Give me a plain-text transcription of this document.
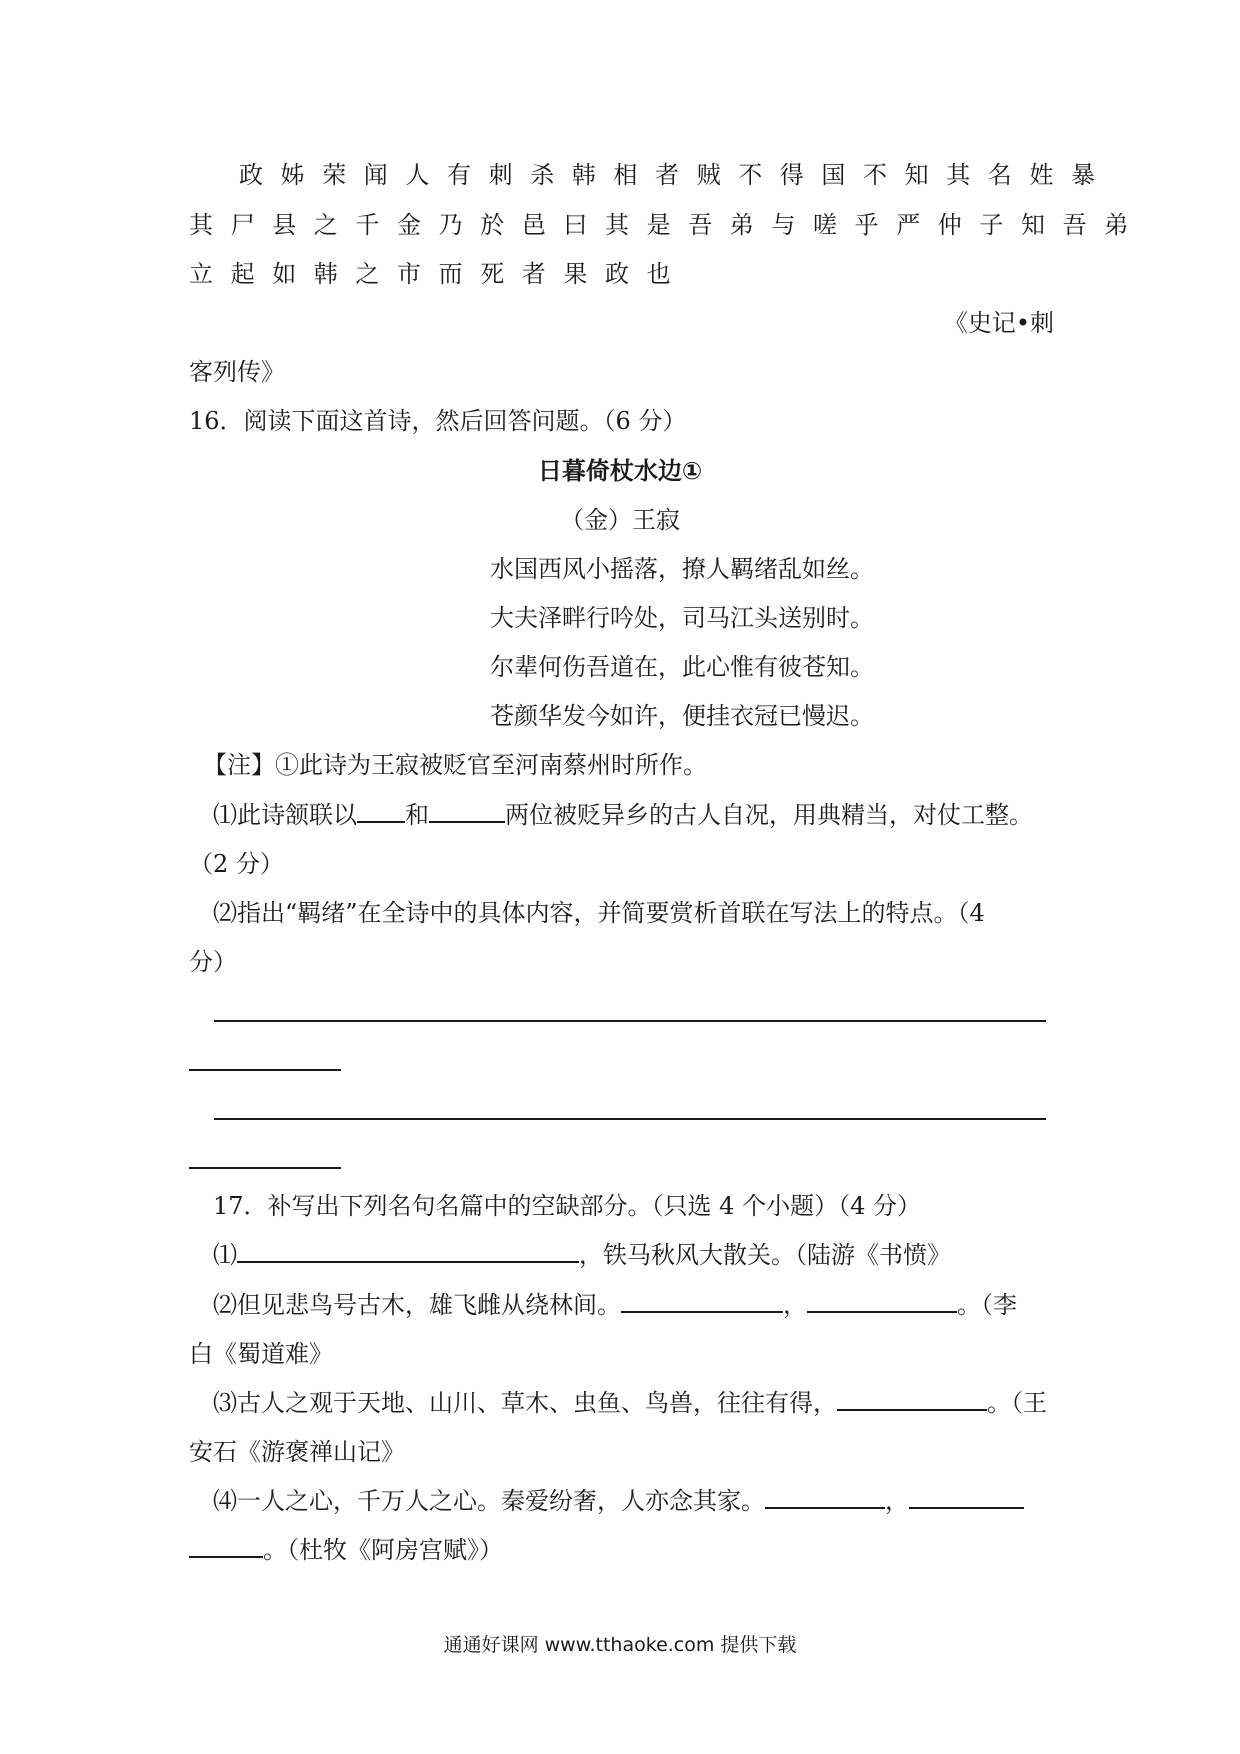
政姊荣闻人有刺杀韩相者贼不得国不知其名姓暴
其尸县之千金乃於邑曰其是吾弟与嗟乎严仲子知吾弟
立起如韩之市而死者果政也
《史记•刺
客列传》
16．阅读下面这首诗，然后回答问题。（6 分）
日暮倚杖水边①
（金）王寂
水国西风小摇落，撩人羁绪乱如丝。
大夫泽畔行吟处，司马江头送别时。
尔辈何伤吾道在，此心惟有彼苍知。
苍颜华发今如许，便挂衣冠已慢迟。
【注】①此诗为王寂被贬官至河南蔡州时所作。
⑴此诗颔联以 和	两位被贬异乡的古人自况，用典精当，对仗工整。
（2 分）
⑵指出“羁绪”在全诗中的具体内容，并简要赏析首联在写法上的特点。（4
分）
17．补写出下列名句名篇中的空缺部分。（只选 4 个小题）（4 分）
⑴	，铁马秋风大散关。（陆游《书愤》
⑵但见悲鸟号古木，雄飞雌从绕林间。	，	。（李
白《蜀道难》
⑶古人之观于天地、山川、草木、虫鱼、鸟兽，往往有得，	。（王
安石《游褒禅山记》
⑷一人之心，千万人之心。秦爱纷奢，人亦念其家。	，
。（杜牧《阿房宫赋》）
通通好课网 www.tthaoke.com 提供下载
